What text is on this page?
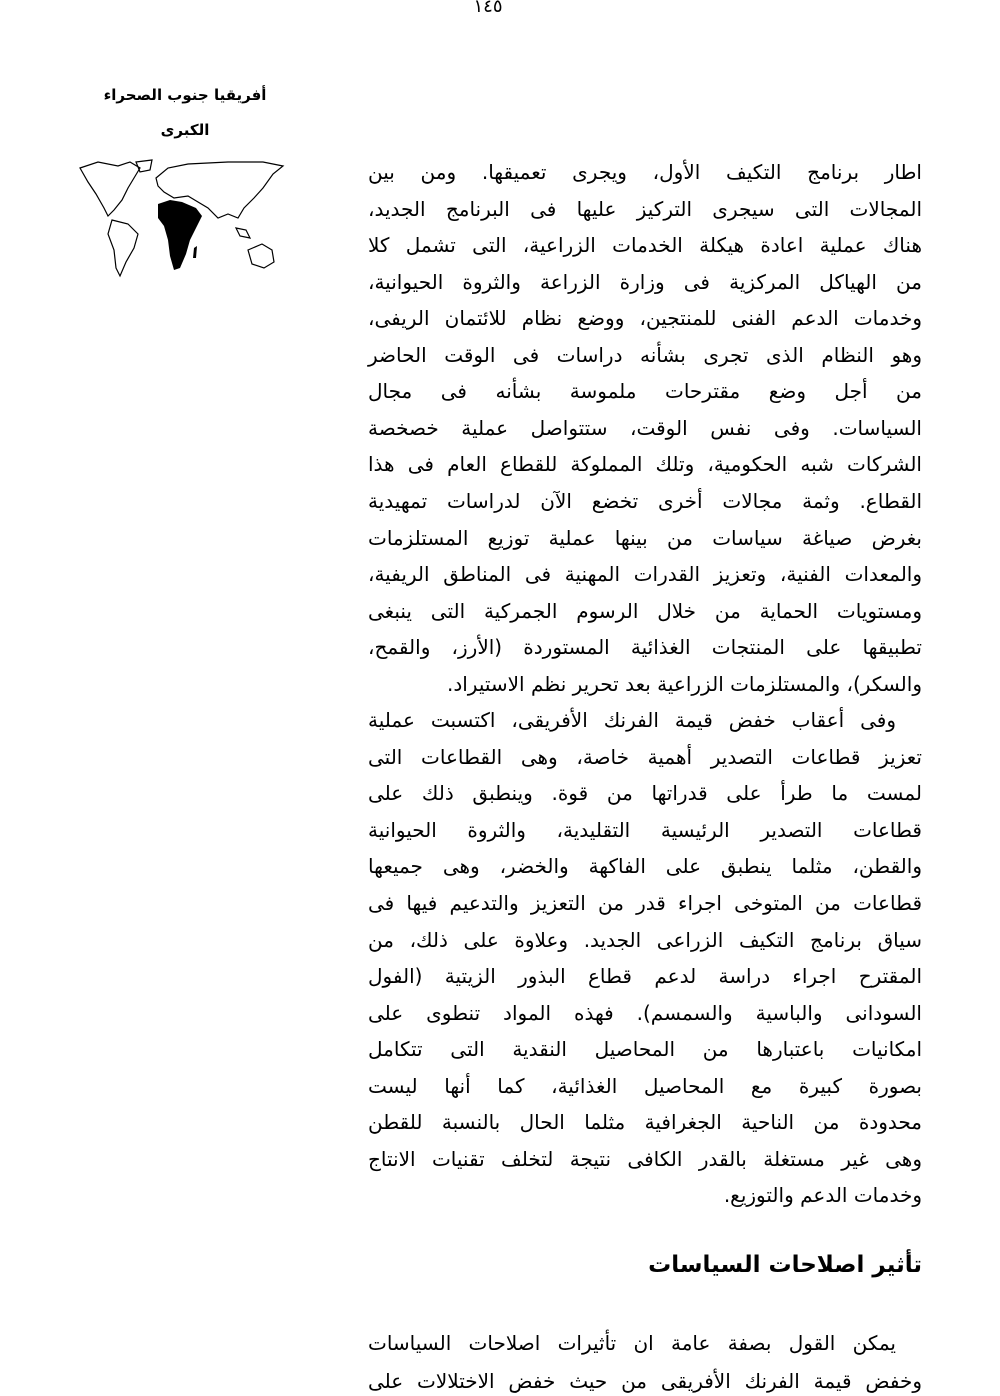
١٤٥
أفريقيا جنوب الصحراء
الكبرى
اطار برنامج التكيف الأول، ويجرى تعميقها. ومن بين
المجالات التى سيجرى التركيز عليها فى البرنامج الجديد،
هناك عملية اعادة هيكلة الخدمات الزراعية، التى تشمل كلا
من الهياكل المركزية فى وزارة الزراعة والثروة الحيوانية،
وخدمات الدعم الفنى للمنتجين، ووضع نظام للائتمان الريفى،
وهو النظام الذى تجرى بشأنه دراسات فى الوقت الحاضر
من أجل وضع مقترحات ملموسة بشأنه فى مجال
السياسات. وفى نفس الوقت، ستتواصل عملية خصخصة
الشركات شبه الحكومية، وتلك المملوكة للقطاع العام فى هذا
القطاع. وثمة مجالات أخرى تخضع الآن لدراسات تمهيدية
بغرض صياغة سياسات من بينها عملية توزيع المستلزمات
والمعدات الفنية، وتعزيز القدرات المهنية فى المناطق الريفية،
ومستويات الحماية من خلال الرسوم الجمركية التى ينبغى
تطبيقها على المنتجات الغذائية المستوردة (الأرز، والقمح،
والسكر)، والمستلزمات الزراعية بعد تحرير نظم الاستيراد.
وفى أعقاب خفض قيمة الفرنك الأفريقى، اكتسبت عملية
تعزيز قطاعات التصدير أهمية خاصة، وهى القطاعات التى
لمست ما طرأ على قدراتها من قوة. وينطبق ذلك على
قطاعات التصدير الرئيسية التقليدية، والثروة الحيوانية
والقطن، مثلما ينطبق على الفاكهة والخضر، وهى جميعها
قطاعات من المتوخى اجراء قدر من التعزيز والتدعيم فيها فى
سياق برنامج التكيف الزراعى الجديد. وعلاوة على ذلك، من
المقترح اجراء دراسة لدعم قطاع البذور الزيتية (الفول
السودانى والباسية والسمسم). فهذه المواد تنطوى على
امكانيات باعتبارها من المحاصيل النقدية التى تتكامل
بصورة كبيرة مع المحاصيل الغذائية، كما أنها ليست
محدودة من الناحية الجغرافية مثلما الحال بالنسبة للقطن
وهى غير مستغلة بالقدر الكافى نتيجة لتخلف تقنيات الانتاج
وخدمات الدعم والتوزيع.
تأثير اصلاحات السياسات
يمكن القول بصفة عامة ان تأثيرات اصلاحات السياسات
وخفض قيمة الفرنك الأفريقى من حيث خفض الاختلالات على
